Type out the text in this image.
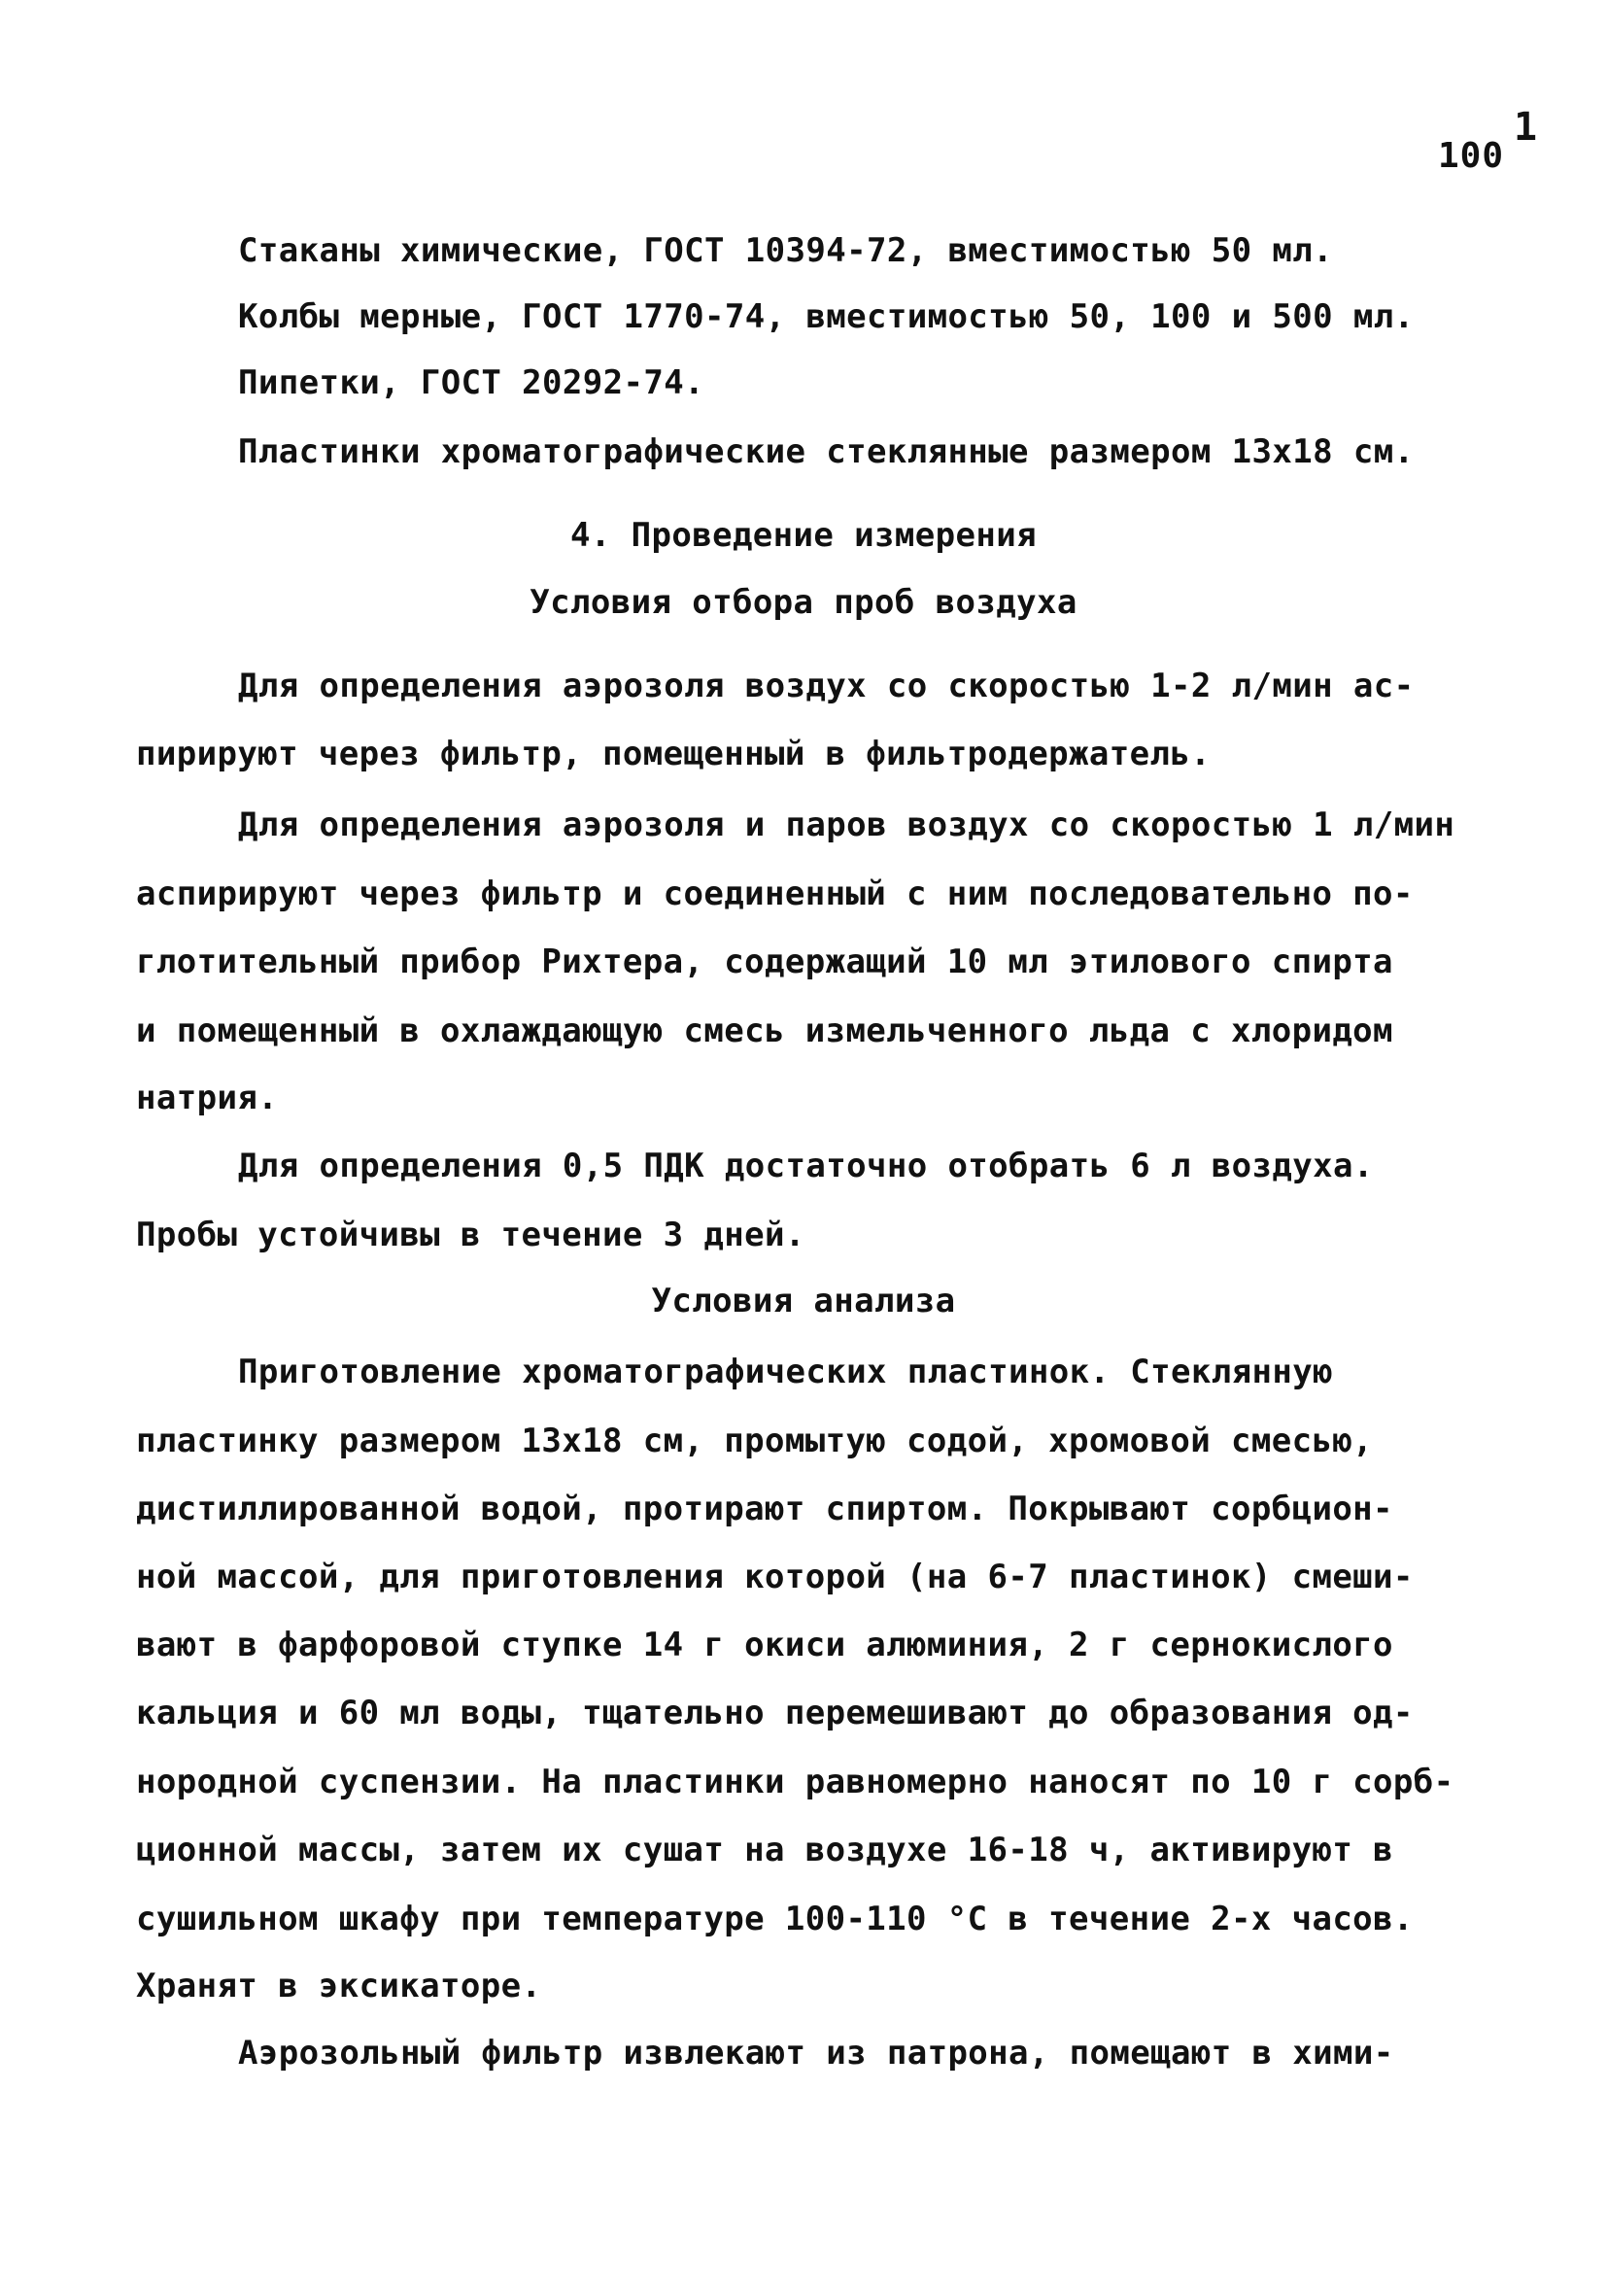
100
1
Стаканы химические, ГОСТ 10394-72, вместимостью 50 мл.
Колбы мерные, ГОСТ 1770-74, вместимостью 50, 100 и 500 мл.
Пипетки, ГОСТ 20292-74.
Пластинки хроматографические стеклянные размером 13х18 см.
4. Проведение измерения
Условия отбора проб воздуха
Для определения аэрозоля воздух со скоростью 1-2 л/мин ас-
пирируют через фильтр, помещенный в фильтродержатель.
Для определения аэрозоля и паров воздух со скоростью 1 л/мин
аспирируют через фильтр и соединенный с ним последовательно по-
глотительный прибор Рихтера, содержащий 10 мл этилового спирта
и помещенный в охлаждающую смесь измельченного льда с хлоридом
натрия.
Для определения 0,5 ПДК достаточно отобрать 6 л воздуха.
Пробы устойчивы в течение 3 дней.
Условия анализа
Приготовление хроматографических пластинок. Стеклянную
пластинку размером 13х18 см, промытую содой, хромовой смесью,
дистиллированной водой, протирают спиртом. Покрывают сорбцион-
ной массой, для приготовления которой (на 6-7 пластинок) смеши-
вают в фарфоровой ступке 14 г окиси алюминия, 2 г сернокислого
кальция и 60 мл воды, тщательно перемешивают до образования од-
нородной суспензии. На пластинки равномерно наносят по 10 г сорб-
ционной массы, затем их сушат на воздухе 16-18 ч, активируют в
сушильном шкафу при температуре 100-110 °С в течение 2-х часов.
Хранят в эксикаторе.
Аэрозольный фильтр извлекают из патрона, помещают в хими-
